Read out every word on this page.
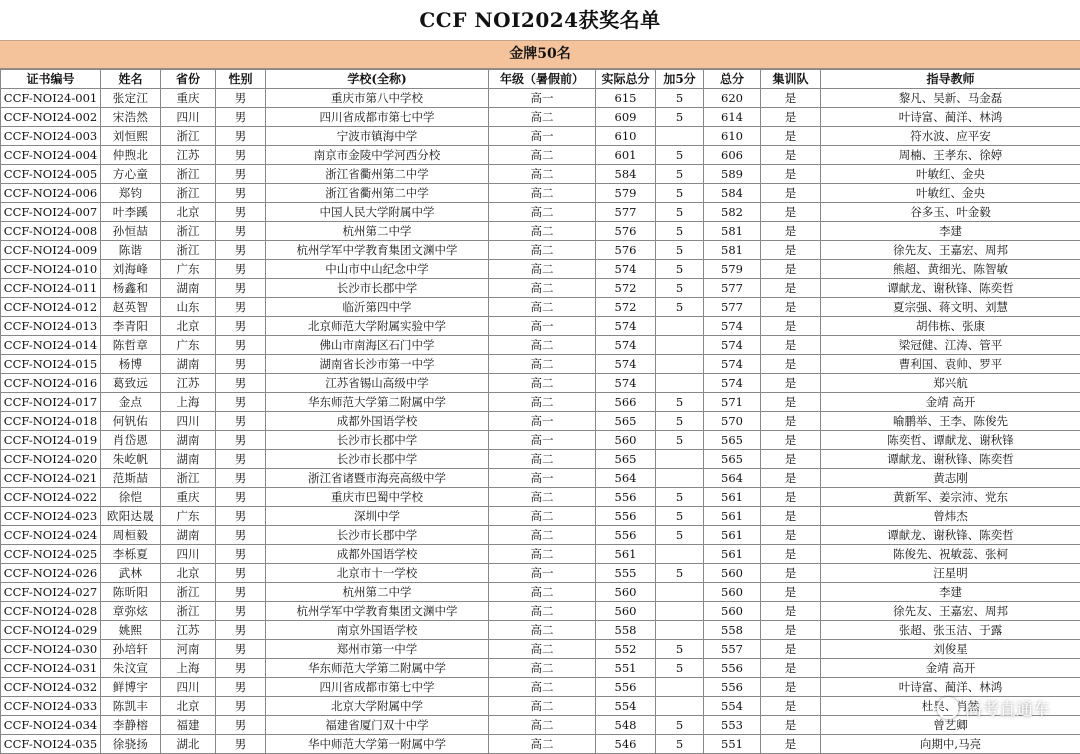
CCF NOI2024获奖名单
金牌50名
证书编号	姓名	省份	性别	学校(全称)	年级（暑假前）	实际总分	加5分	总分	集训队	指导教师
CCF-NOI24-001	张定江	重庆	男	重庆市第八中学校	高一	615	5	620	是	黎凡、吴新、马金磊
CCF-NOI24-002	宋浩然	四川	男	四川省成都市第七中学	高二	609	5	614	是	叶诗富、蔺洋、林鸿
CCF-NOI24-003	刘恒熙	浙江	男	宁波市镇海中学	高一	610		610	是	符水波、应平安
CCF-NOI24-004	仲煦北	江苏	男	南京市金陵中学河西分校	高二	601	5	606	是	周楠、王孝东、徐婷
CCF-NOI24-005	方心童	浙江	男	浙江省衢州第二中学	高二	584	5	589	是	叶敏红、金央
CCF-NOI24-006	郑钧	浙江	男	浙江省衢州第二中学	高二	579	5	584	是	叶敏红、金央
CCF-NOI24-007	叶李蹊	北京	男	中国人民大学附属中学	高二	577	5	582	是	谷多玉、叶金毅
CCF-NOI24-008	孙恒喆	浙江	男	杭州第二中学	高二	576	5	581	是	李建
CCF-NOI24-009	陈谐	浙江	男	杭州学军中学教育集团文渊中学	高二	576	5	581	是	徐先友、王嘉宏、周邦
CCF-NOI24-010	刘海峰	广东	男	中山市中山纪念中学	高二	574	5	579	是	熊超、黄细光、陈智敏
CCF-NOI24-011	杨鑫和	湖南	男	长沙市长郡中学	高二	572	5	577	是	谭献龙、谢秋锋、陈奕哲
CCF-NOI24-012	赵英智	山东	男	临沂第四中学	高二	572	5	577	是	夏宗强、蒋文明、刘慧
CCF-NOI24-013	李青阳	北京	男	北京师范大学附属实验中学	高一	574		574	是	胡伟栋、张康
CCF-NOI24-014	陈哲章	广东	男	佛山市南海区石门中学	高二	574		574	是	梁冠健、江涛、管平
CCF-NOI24-015	杨博	湖南	男	湖南省长沙市第一中学	高二	574		574	是	曹利国、袁帅、罗平
CCF-NOI24-016	葛致远	江苏	男	江苏省锡山高级中学	高二	574		574	是	郑兴航
CCF-NOI24-017	金点	上海	男	华东师范大学第二附属中学	高二	566	5	571	是	金靖 高开
CCF-NOI24-018	何钒佑	四川	男	成都外国语学校	高一	565	5	570	是	喻鹏举、王李、陈俊先
CCF-NOI24-019	肖岱恩	湖南	男	长沙市长郡中学	高一	560	5	565	是	陈奕哲、谭献龙、谢秋锋
CCF-NOI24-020	朱屹帆	湖南	男	长沙市长郡中学	高二	565		565	是	谭献龙、谢秋锋、陈奕哲
CCF-NOI24-021	范斯喆	浙江	男	浙江省诸暨市海亮高级中学	高一	564		564	是	黄志刚
CCF-NOI24-022	徐恺	重庆	男	重庆市巴蜀中学校	高二	556	5	561	是	黄新军、姜宗沛、党东
CCF-NOI24-023	欧阳达晟	广东	男	深圳中学	高二	556	5	561	是	曾炜杰
CCF-NOI24-024	周桓毅	湖南	男	长沙市长郡中学	高二	556	5	561	是	谭献龙、谢秋锋、陈奕哲
CCF-NOI24-025	李栎夏	四川	男	成都外国语学校	高二	561		561	是	陈俊先、祝敏蕊、张柯
CCF-NOI24-026	武林	北京	男	北京市十一学校	高一	555	5	560	是	汪星明
CCF-NOI24-027	陈昕阳	浙江	男	杭州第二中学	高二	560		560	是	李建
CCF-NOI24-028	章弥炫	浙江	男	杭州学军中学教育集团文渊中学	高二	560		560	是	徐先友、王嘉宏、周邦
CCF-NOI24-029	姚熙	江苏	男	南京外国语学校	高二	558		558	是	张超、张玉洁、于露
CCF-NOI24-030	孙培轩	河南	男	郑州市第一中学	高二	552	5	557	是	刘俊星
CCF-NOI24-031	朱汶宣	上海	男	华东师范大学第二附属中学	高二	551	5	556	是	金靖 高开
CCF-NOI24-032	鲜博宇	四川	男	四川省成都市第七中学	高二	556		556	是	叶诗富、蔺洋、林鸿
CCF-NOI24-033	陈凯丰	北京	男	北京大学附属中学	高二	554		554	是	杜昊、肖然
CCF-NOI24-034	李静榕	福建	男	福建省厦门双十中学	高二	548	5	553	是	曾艺卿
CCF-NOI24-035	徐骁扬	湖北	男	华中师范大学第一附属中学	高二	546	5	551	是	向期中,马亮
高考直通车
